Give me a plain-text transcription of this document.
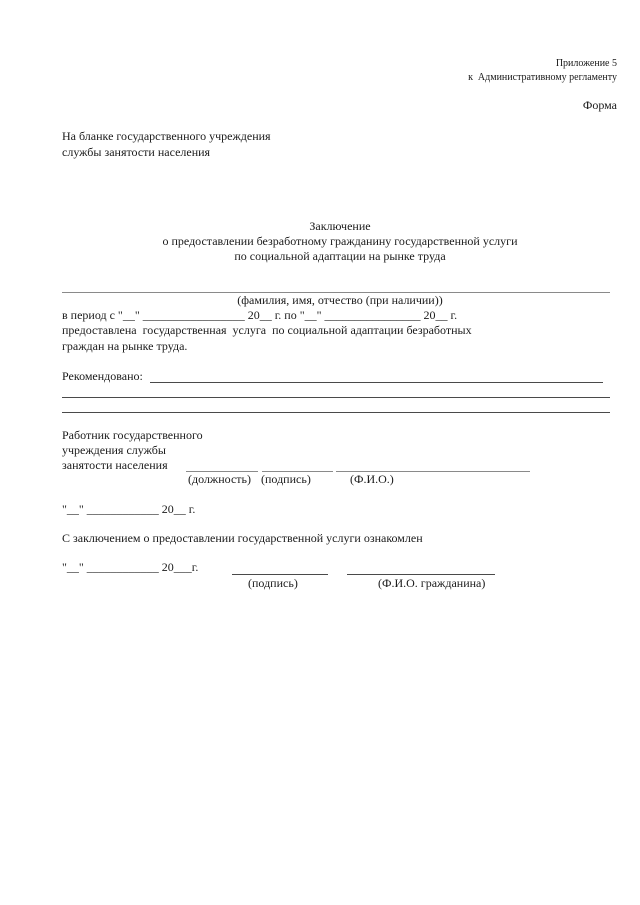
Приложение 5
к  Административному регламенту
Форма
На бланке государственного учреждения
службы занятости населения
Заключение
о предоставлении безработному гражданину государственной услуги
по социальной адаптации на рынке труда
(фамилия, имя, отчество (при наличии))
в период с "__" _________________ 20__ г. по "__" ________________ 20__ г.
предоставлена  государственная  услуга  по социальной адаптации безработных
граждан на рынке труда.
Рекомендовано:
Работник государственного
учреждения службы
занятости населения
(должность) (подпись)	(Ф.И.О.)
"__" ____________ 20__ г.
С заключением о предоставлении государственной услуги ознакомлен
"__" ____________ 20___г.
(подпись)	(Ф.И.О. гражданина)
